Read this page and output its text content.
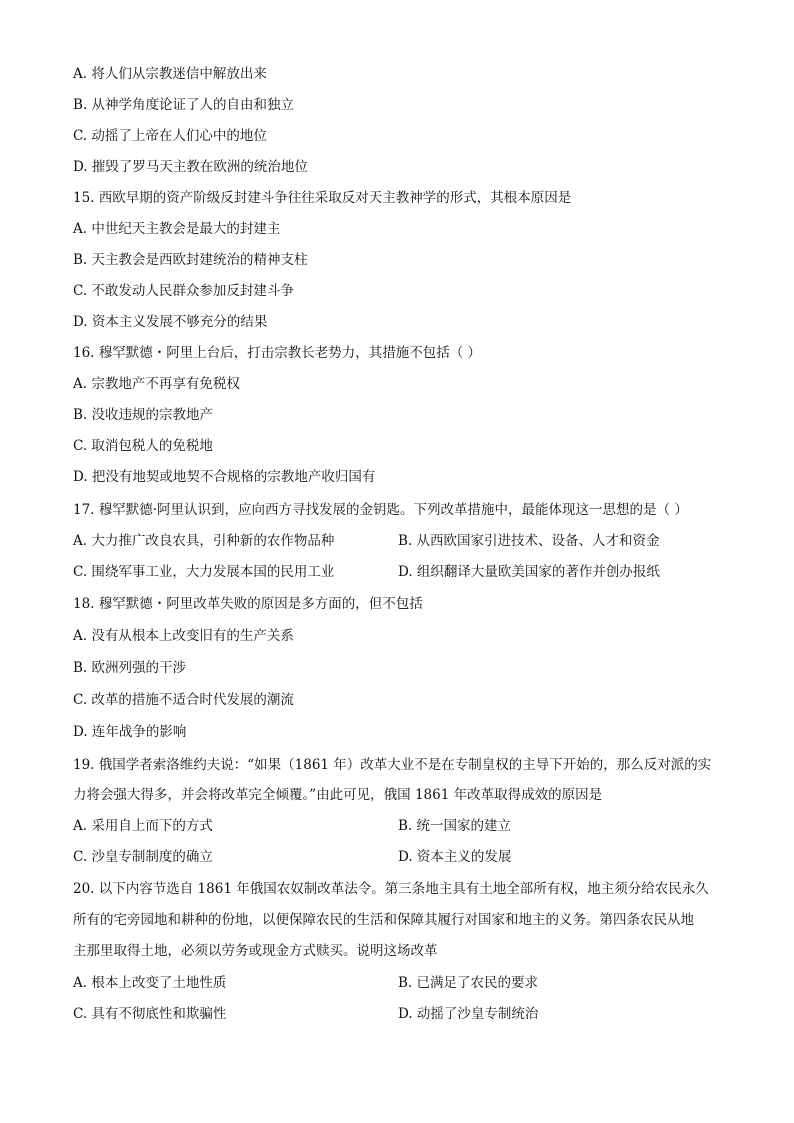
A. 将人们从宗教迷信中解放出来
B. 从神学角度论证了人的自由和独立
C. 动摇了上帝在人们心中的地位
D. 摧毁了罗马天主教在欧洲的统治地位
15. 西欧早期的资产阶级反封建斗争往往采取反对天主教神学的形式，其根本原因是
A. 中世纪天主教会是最大的封建主
B. 天主教会是西欧封建统治的精神支柱
C. 不敢发动人民群众参加反封建斗争
D. 资本主义发展不够充分的结果
16. 穆罕默德・阿里上台后，打击宗教长老势力，其措施不包括（ ）
A. 宗教地产不再享有免税权
B. 没收违规的宗教地产
C. 取消包税人的免税地
D. 把没有地契或地契不合规格的宗教地产收归国有
17. 穆罕默德·阿里认识到，应向西方寻找发展的金钥匙。下列改革措施中，最能体现这一思想的是（ ）
A. 大力推广改良农具，引种新的农作物品种	B. 从西欧国家引进技术、设备、人才和资金
C. 围绕军事工业，大力发展本国的民用工业	D. 组织翻译大量欧美国家的著作并创办报纸
18. 穆罕默德・阿里改革失败的原因是多方面的，但不包括
A. 没有从根本上改变旧有的生产关系
B. 欧洲列强的干涉
C. 改革的措施不适合时代发展的潮流
D. 连年战争的影响
19. 俄国学者索洛维约夫说：“如果（1861 年）改革大业不是在专制皇权的主导下开始的，那么反对派的实
力将会强大得多，并会将改革完全倾覆。”由此可见，俄国 1861 年改革取得成效的原因是
A. 采用自上而下的方式	B. 统一国家的建立
C. 沙皇专制制度的确立	D. 资本主义的发展
20. 以下内容节选自 1861 年俄国农奴制改革法令。第三条地主具有土地全部所有权，地主须分给农民永久
所有的宅旁园地和耕种的份地，以便保障农民的生活和保障其履行对国家和地主的义务。第四条农民从地
主那里取得土地，必须以劳务或现金方式赎买。说明这场改革
A. 根本上改变了土地性质	B. 已满足了农民的要求
C. 具有不彻底性和欺骗性	D. 动摇了沙皇专制统治
